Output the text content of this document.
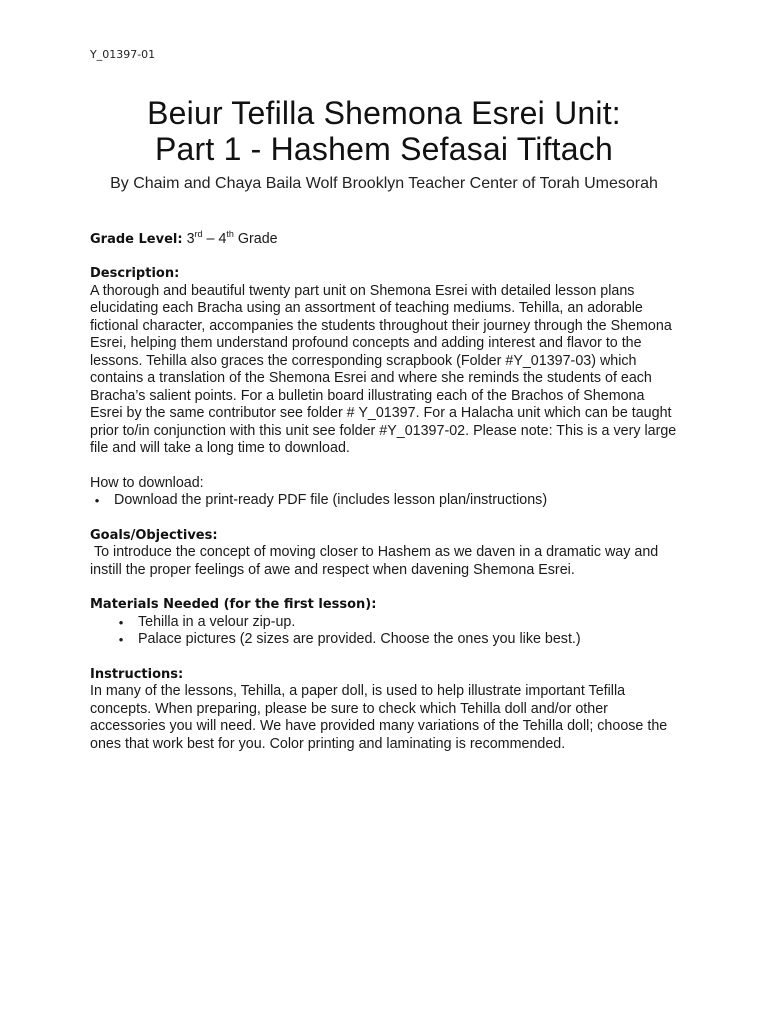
Y_01397-01
Beiur Tefilla Shemona Esrei Unit:
Part 1 - Hashem Sefasai Tiftach

By Chaim and Chaya Baila Wolf Brooklyn Teacher Center of Torah Umesorah

Grade Level: 3rd – 4th Grade

Description:

A thorough and beautiful twenty part unit on Shemona Esrei with detailed lesson plans elucidating each Bracha using an assortment of teaching mediums. Tehilla, an adorable fictional character, accompanies the students throughout their journey through the Shemona Esrei, helping them understand profound concepts and adding interest and flavor to the lessons. Tehilla also graces the corresponding scrapbook (Folder #Y_01397-03) which contains a translation of the Shemona Esrei and where she reminds the students of each Bracha’s salient points. For a bulletin board illustrating each of the Brachos of Shemona Esrei by the same contributor see folder # Y_01397. For a Halacha unit which can be taught prior to/in conjunction with this unit see folder #Y_01397-02. Please note: This is a very large file and will take a long time to download.

How to download:

•	Download the print-ready PDF file (includes lesson plan/instructions)

Goals/Objectives:

To introduce the concept of moving closer to Hashem as we daven in a dramatic way and instill the proper feelings of awe and respect when davening Shemona Esrei.

Materials Needed (for the first lesson):

•	Tehilla in a velour zip-up.
•	Palace pictures (2 sizes are provided. Choose the ones you like best.)

Instructions:

In many of the lessons, Tehilla, a paper doll, is used to help illustrate important Tefilla concepts. When preparing, please be sure to check which Tehilla doll and/or other accessories you will need. We have provided many variations of the Tehilla doll; choose the ones that work best for you. Color printing and laminating is recommended.
